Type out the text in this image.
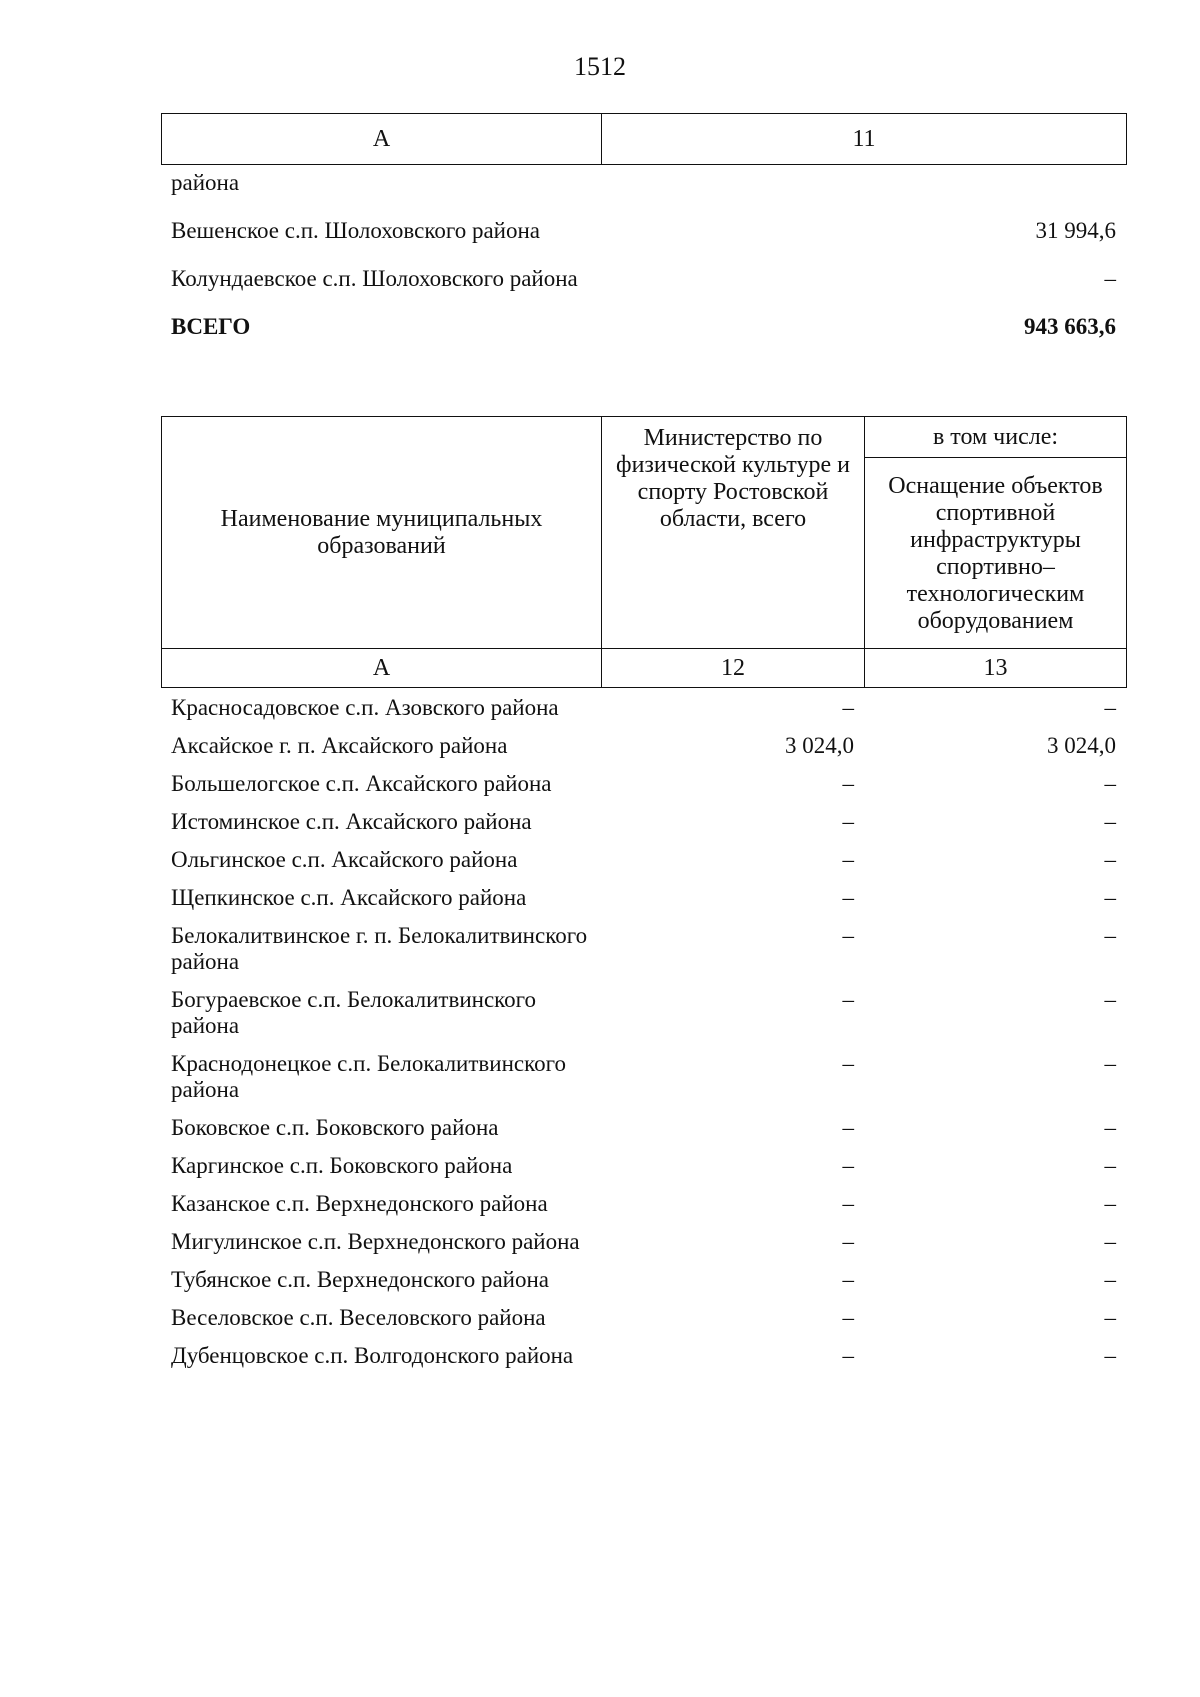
1512
А	11
района	
Вешенское с.п. Шолоховского района	31 994,6
Колундаевское с.п. Шолоховского района	–
ВСЕГО	943 663,6
Наименование муниципальных образований	Министерство по физической культуре и спорту Ростовской области, всего	в том числе:
		Оснащение объектов спортивной инфраструктуры спортивно–технологическим оборудованием
А	12	13
Красносадовское с.п. Азовского района	–	–
Аксайское г. п. Аксайского района	3 024,0	3 024,0
Большелогское с.п. Аксайского района	–	–
Истоминское с.п. Аксайского района	–	–
Ольгинское с.п. Аксайского района	–	–
Щепкинское с.п. Аксайского района	–	–
Белокалитвинское г. п. Белокалитвинского района	–	–
Богураевское с.п. Белокалитвинского района	–	–
Краснодонецкое с.п. Белокалитвинского района	–	–
Боковское с.п. Боковского района	–	–
Каргинское с.п. Боковского района	–	–
Казанское с.п. Верхнедонского района	–	–
Мигулинское с.п. Верхнедонского района	–	–
Тубянское с.п. Верхнедонского района	–	–
Веселовское с.п. Веселовского района	–	–
Дубенцовское с.п. Волгодонского района	–	–
